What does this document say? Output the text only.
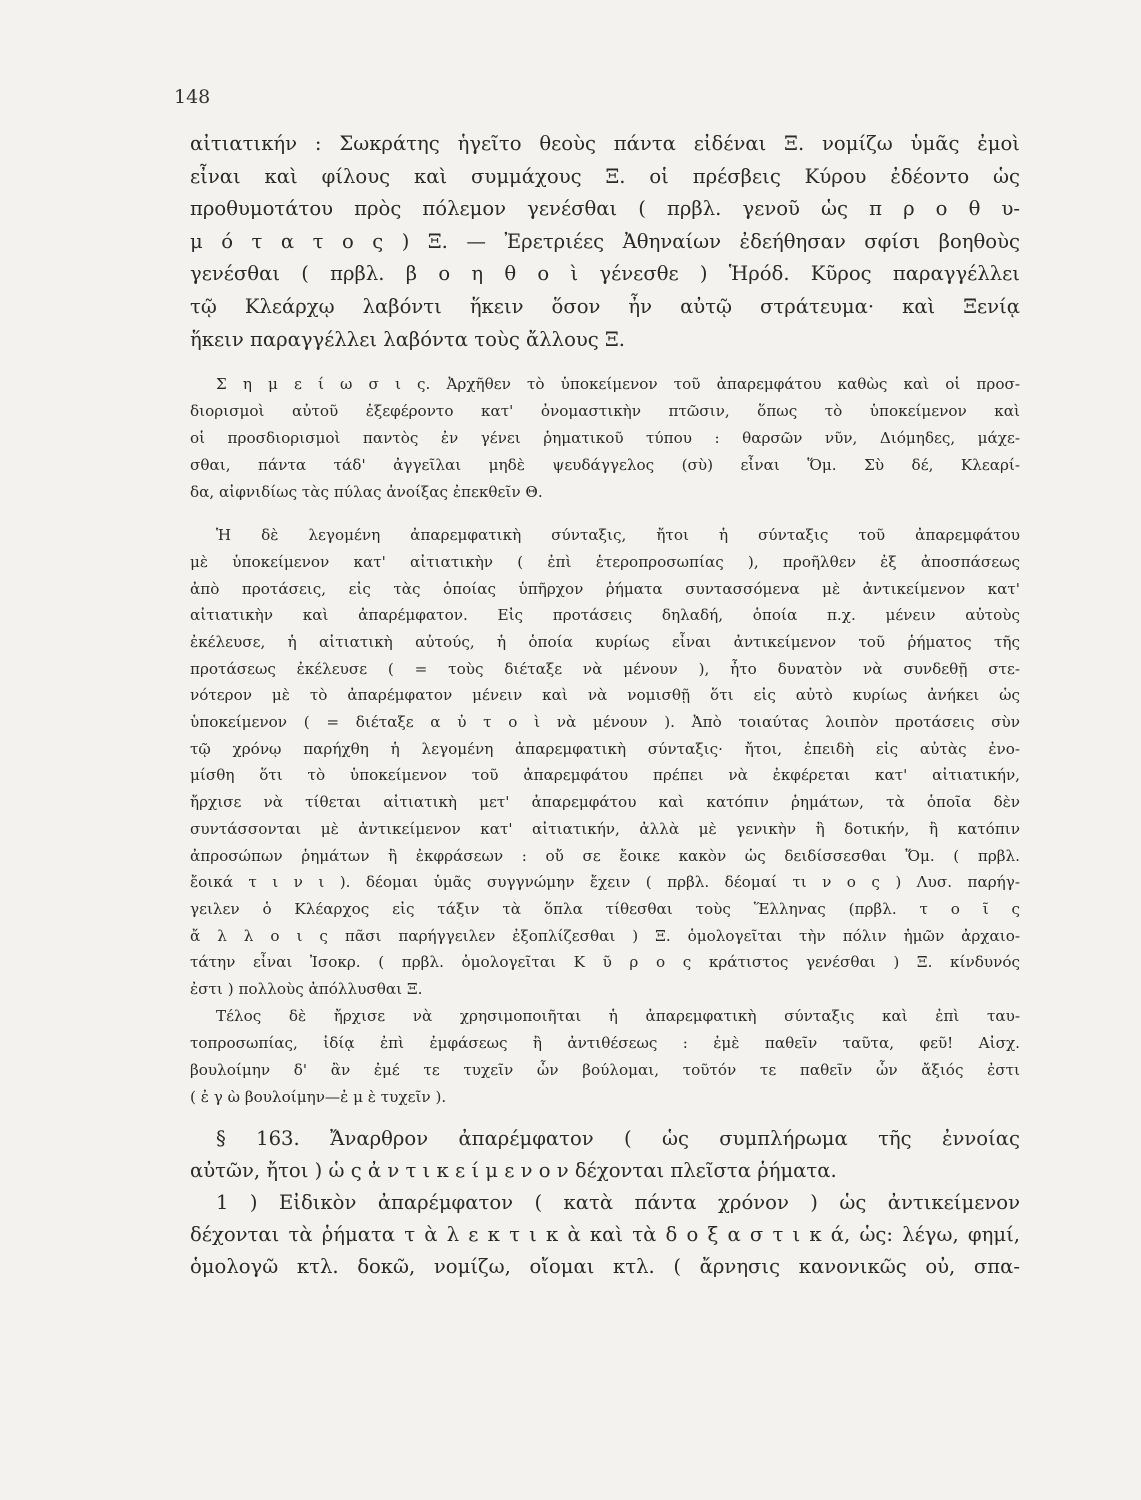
148
αἰτιατικήν : Σωκράτης ἡγεῖτο θεοὺς πάντα εἰδέναι Ξ. νομίζω ὑμᾶς ἐμοὶ
εἶναι καὶ φίλους καὶ συμμάχους Ξ. οἱ πρέσβεις Κύρου ἐδέοντο ὡς
προθυμοτάτου πρὸς πόλεμον γενέσθαι ( πρβλ. γενοῦ ὡς π ρ ο θ υ-
μ ό τ α τ ο ς ) Ξ. — Ἐρετριέες Ἀθηναίων ἐδεήθησαν σφίσι βοηθοὺς
γενέσθαι ( πρβλ. β ο η θ ο ὶ γένεσθε ) Ἡρόδ. Κῦρος παραγγέλλει
τῷ Κλεάρχῳ λαβόντι ἥκειν ὅσον ἦν αὐτῷ στράτευμα· καὶ Ξενίᾳ
ἥκειν παραγγέλλει λαβόντα τοὺς ἄλλους Ξ.
Σ η μ ε ί ω σ ι ς. Ἀρχῆθεν τὸ ὑποκείμενον τοῦ ἀπαρεμφάτου καθὼς καὶ οἱ προσ-
διορισμοὶ αὐτοῦ ἐξεφέροντο κατ' ὀνομαστικὴν πτῶσιν, ὅπως τὸ ὑποκείμενον καὶ
οἱ προσδιορισμοὶ παντὸς ἐν γένει ῥηματικοῦ τύπου : θαρσῶν νῦν, Διόμηδες, μάχε-
σθαι, πάντα τάδ' ἀγγεῖλαι μηδὲ ψευδάγγελος (σὺ) εἶναι Ὅμ. Σὺ δέ, Κλεαρί-
δα, αἰφνιδίως τὰς πύλας ἀνοίξας ἐπεκθεῖν Θ.
Ἡ δὲ λεγομένη ἀπαρεμφατικὴ σύνταξις, ἤτοι ἡ σύνταξις τοῦ ἀπαρεμφάτου
μὲ ὑποκείμενον κατ' αἰτιατικὴν ( ἐπὶ ἑτεροπροσωπίας ), προῆλθεν ἐξ ἀποσπάσεως
ἀπὸ προτάσεις, εἰς τὰς ὁποίας ὑπῆρχον ῥήματα συντασσόμενα μὲ ἀντικείμενον κατ'
αἰτιατικὴν καὶ ἀπαρέμφατον. Εἰς προτάσεις δηλαδή, ὁποία π.χ. μένειν αὐτοὺς
ἐκέλευσε, ἡ αἰτιατικὴ αὐτούς, ἡ ὁποία κυρίως εἶναι ἀντικείμενον τοῦ ῥήματος τῆς
προτάσεως ἐκέλευσε ( = τοὺς διέταξε νὰ μένουν ), ἦτο δυνατὸν νὰ συνδεθῇ στε-
νότερον μὲ τὸ ἀπαρέμφατον μένειν καὶ νὰ νομισθῇ ὅτι εἰς αὐτὸ κυρίως ἀνήκει ὡς
ὑποκείμενον ( = διέταξε α ὐ τ ο ὶ νὰ μένουν ). Ἀπὸ τοιαύτας λοιπὸν προτάσεις σὺν
τῷ χρόνῳ παρήχθη ἡ λεγομένη ἀπαρεμφατικὴ σύνταξις· ἤτοι, ἐπειδὴ εἰς αὐτὰς ἐνο-
μίσθη ὅτι τὸ ὑποκείμενον τοῦ ἀπαρεμφάτου πρέπει νὰ ἐκφέρεται κατ' αἰτιατικήν,
ἤρχισε νὰ τίθεται αἰτιατικὴ μετ' ἀπαρεμφάτου καὶ κατόπιν ῥημάτων, τὰ ὁποῖα δὲν
συντάσσονται μὲ ἀντικείμενον κατ' αἰτιατικήν, ἀλλὰ μὲ γενικὴν ἢ δοτικήν, ἢ κατόπιν
ἀπροσώπων ῥημάτων ἢ ἐκφράσεων : οὔ σε ἔοικε κακὸν ὡς δειδίσσεσθαι Ὅμ. ( πρβλ.
ἔοικά τ ι ν ι ). δέομαι ὑμᾶς συγγνώμην ἔχειν ( πρβλ. δέομαί τι ν ο ς ) Λυσ. παρήγ-
γειλεν ὁ Κλέαρχος εἰς τάξιν τὰ ὅπλα τίθεσθαι τοὺς Ἕλληνας (πρβλ. τ ο ῖ ς
ἄ λ λ ο ι ς πᾶσι παρήγγειλεν ἐξοπλίζεσθαι ) Ξ. ὁμολογεῖται τὴν πόλιν ἡμῶν ἀρχαιο-
τάτην εἶναι Ἰσοκρ. ( πρβλ. ὁμολογεῖται Κ ῦ ρ ο ς κράτιστος γενέσθαι ) Ξ. κίνδυνός
ἐστι ) πολλοὺς ἀπόλλυσθαι Ξ.
Τέλος δὲ ἤρχισε νὰ χρησιμοποιῆται ἡ ἀπαρεμφατικὴ σύνταξις καὶ ἐπὶ ταυ-
τοπροσωπίας, ἰδίᾳ ἐπὶ ἐμφάσεως ἢ ἀντιθέσεως : ἐμὲ παθεῖν ταῦτα, φεῦ! Αἰσχ.
βουλοίμην δ' ἂν ἐμέ τε τυχεῖν ὧν βούλομαι, τοῦτόν τε παθεῖν ὧν ἄξιός ἐστι
( ἐ γ ὼ βουλοίμην—ἐ μ ὲ τυχεῖν ).
§ 163. Ἄναρθρον ἀπαρέμφατον ( ὡς συμπλήρωμα τῆς ἐννοίας
αὐτῶν, ἤτοι ) ὡ ς ἀ ν τ ι κ ε ί μ ε ν ο ν δέχονται πλεῖστα ῥήματα.
1 ) Εἰδικὸν ἀπαρέμφατον ( κατὰ πάντα χρόνον ) ὡς ἀντικείμενον
δέχονται τὰ ῥήματα τ ὰ λ ε κ τ ι κ ὰ καὶ τὰ δ ο ξ α σ τ ι κ ά, ὡς: λέγω, φημί,
ὁμολογῶ κτλ. δοκῶ, νομίζω, οἴομαι κτλ. ( ἄρνησις κανονικῶς οὐ, σπα-
